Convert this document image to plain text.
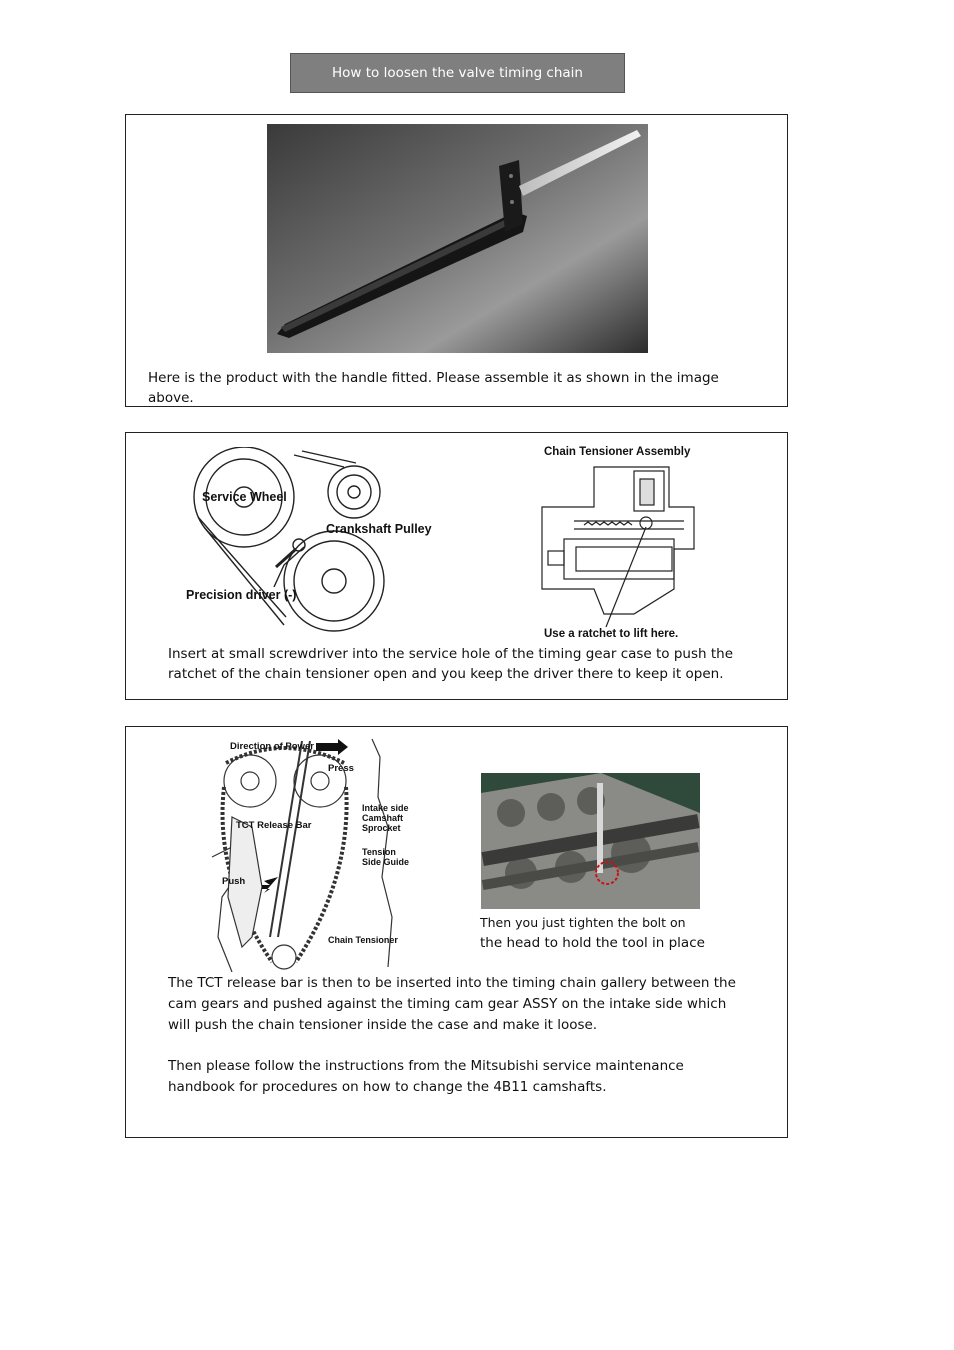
How to loosen the valve timing chain

Here is the product with the handle fitted. Please assemble it as shown in the image above.

Service Wheel
Crankshaft Pulley
Precision driver (-)
Chain Tensioner Assembly
Use a ratchet to lift here.

Insert at small screwdriver into the service hole of the timing gear case to push the ratchet of the chain tensioner open and you keep the driver there to keep it open.

Direction of Power
Press
Intake side
Camshaft
Sprocket
TCT Release Bar
Tension
Side Guide
Push
Chain Tensioner
Then you just tighten the bolt on
the head to hold the tool in place

The TCT release bar is then to be inserted into the timing chain gallery between the cam gears and pushed against the timing cam gear ASSY on the intake side which will push the chain tensioner inside the case and make it loose.

Then please follow the instructions from the Mitsubishi service maintenance handbook for procedures on how to change the 4B11 camshafts.
